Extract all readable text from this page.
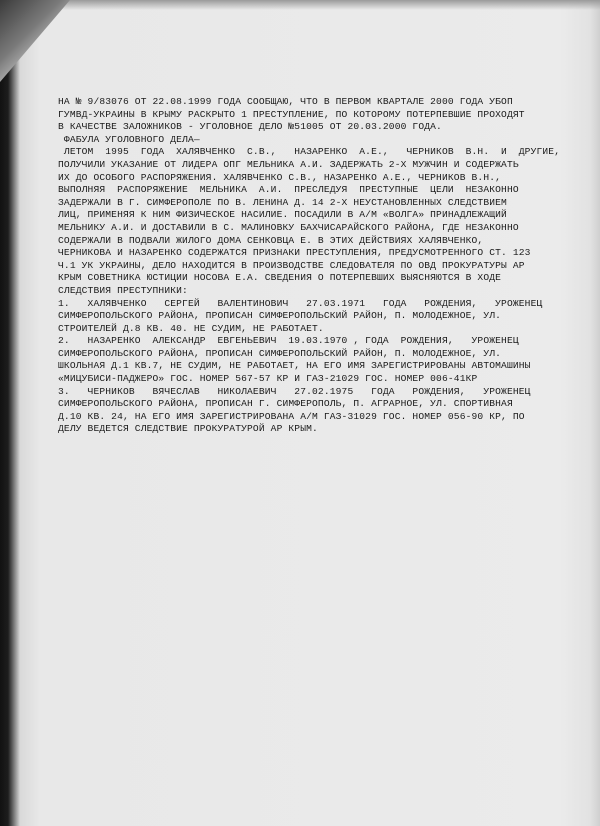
НА № 9/83076 ОТ 22.08.1999 ГОДА СООБЩАЮ, ЧТО В ПЕРВОМ КВАРТАЛЕ 2000 ГОДА УБОП
ГУМВД-УКРАИНЫ В КРЫМУ РАСКРЫТО 1 ПРЕСТУПЛЕНИЕ, ПО КОТОРОМУ ПОТЕРПЕВШИЕ ПРОХОДЯТ
В КАЧЕСТВЕ ЗАЛОЖНИКОВ - УГОЛОВНОЕ ДЕЛО №51005 ОТ 20.03.2000 ГОДА.

ФАБУЛА УГОЛОВНОГО ДЕЛА—

ЛЕТОМ  1995  ГОДА  ХАЛЯВЧЕНКО  С.В.,   НАЗАРЕНКО  А.Е.,   ЧЕРНИКОВ  В.Н.  И  ДРУГИЕ,
ПОЛУЧИЛИ УКАЗАНИЕ ОТ ЛИДЕРА ОПГ МЕЛЬНИКА А.И. ЗАДЕРЖАТЬ 2-Х МУЖЧИН И СОДЕРЖАТЬ
ИХ ДО ОСОБОГО РАСПОРЯЖЕНИЯ. ХАЛЯВЧЕНКО С.В., НАЗАРЕНКО А.Е., ЧЕРНИКОВ В.Н.,
ВЫПОЛНЯЯ  РАСПОРЯЖЕНИЕ  МЕЛЬНИКА  А.И.  ПРЕСЛЕДУЯ  ПРЕСТУПНЫЕ  ЦЕЛИ  НЕЗАКОННО
ЗАДЕРЖАЛИ В Г. СИМФЕРОПОЛЕ ПО В. ЛЕНИНА Д. 14 2-Х НЕУСТАНОВЛЕННЫХ СЛЕДСТВИЕМ
ЛИЦ, ПРИМЕНЯЯ К НИМ ФИЗИЧЕСКОЕ НАСИЛИЕ. ПОСАДИЛИ В А/М «ВОЛГА» ПРИНАДЛЕЖАЩИЙ
МЕЛЬНИКУ А.И. И ДОСТАВИЛИ В С. МАЛИНОВКУ БАХЧИСАРАЙСКОГО РАЙОНА, ГДЕ НЕЗАКОННО
СОДЕРЖАЛИ В ПОДВАЛИ ЖИЛОГО ДОМА СЕНКОВЦА Е. В ЭТИХ ДЕЙСТВИЯХ ХАЛЯВЧЕНКО,
ЧЕРНИКОВА И НАЗАРЕНКО СОДЕРЖАТСЯ ПРИЗНАКИ ПРЕСТУПЛЕНИЯ, ПРЕДУСМОТРЕННОГО СТ. 123
Ч.1 УК УКРАИНЫ, ДЕЛО НАХОДИТСЯ В ПРОИЗВОДСТВЕ СЛЕДОВАТЕЛЯ ПО ОВД ПРОКУРАТУРЫ АР
КРЫМ СОВЕТНИКА ЮСТИЦИИ НОСОВА Е.А. СВЕДЕНИЯ О ПОТЕРПЕВШИХ ВЫЯСНЯЮТСЯ В ХОДЕ
СЛЕДСТВИЯ ПРЕСТУПНИКИ:

1.   ХАЛЯВЧЕНКО   СЕРГЕЙ   ВАЛЕНТИНОВИЧ   27.03.1971   ГОДА   РОЖДЕНИЯ,   УРОЖЕНЕЦ
СИМФЕРОПОЛЬСКОГО РАЙОНА, ПРОПИСАН СИМФЕРОПОЛЬСКИЙ РАЙОН, П. МОЛОДЕЖНОЕ, УЛ.
СТРОИТЕЛЕЙ Д.8 КВ. 40. НЕ СУДИМ, НЕ РАБОТАЕТ.

2.   НАЗАРЕНКО  АЛЕКСАНДР  ЕВГЕНЬЕВИЧ  19.03.1970 , ГОДА  РОЖДЕНИЯ,   УРОЖЕНЕЦ
СИМФЕРОПОЛЬСКОГО РАЙОНА, ПРОПИСАН СИМФЕРОПОЛЬСКИЙ РАЙОН, П. МОЛОДЕЖНОЕ, УЛ.
ШКОЛЬНАЯ Д.1 КВ.7, НЕ СУДИМ, НЕ РАБОТАЕТ, НА ЕГО ИМЯ ЗАРЕГИСТРИРОВАНЫ АВТОМАШИНЫ
«МИЦУБИСИ-ПАДЖЕРО» ГОС. НОМЕР 567-57 КР И ГАЗ-21029 ГОС. НОМЕР 006-41КР

3.   ЧЕРНИКОВ   ВЯЧЕСЛАВ   НИКОЛАЕВИЧ   27.02.1975   ГОДА   РОЖДЕНИЯ,   УРОЖЕНЕЦ
СИМФЕРОПОЛЬСКОГО РАЙОНА, ПРОПИСАН Г. СИМФЕРОПОЛЬ, П. АГРАРНОЕ, УЛ. СПОРТИВНАЯ
Д.10 КВ. 24, НА ЕГО ИМЯ ЗАРЕГИСТРИРОВАНА А/М ГАЗ-31029 ГОС. НОМЕР 056-90 КР, ПО
ДЕЛУ ВЕДЕТСЯ СЛЕДСТВИЕ ПРОКУРАТУРОЙ АР КРЫМ.
